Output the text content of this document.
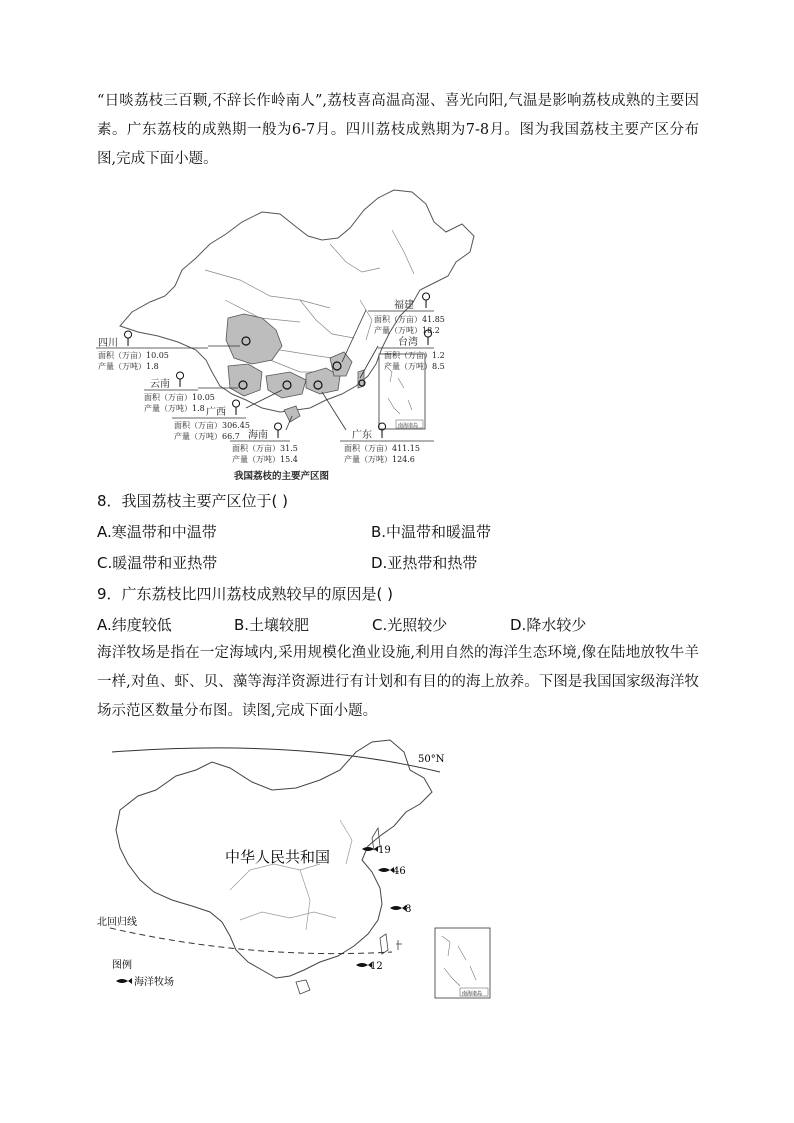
“日啖荔枝三百颗,不辞长作岭南人”,荔枝喜高温高湿、喜光向阳,气温是影响荔枝成熟的主要因素。广东荔枝的成熟期一般为6-7月。四川荔枝成熟期为7-8月。图为我国荔枝主要产区分布图,完成下面小题。
南海诸岛
福建
面积（万亩）41.85
产量（万吨）18.2
台湾
面积（万亩）1.2
产量（万吨）8.5
四川
面积（万亩）10.05
产量（万吨）1.8
云南
面积（万亩）10.05
产量（万吨）1.8 广西
面积（万亩）306.45
产量（万吨）66.7 海南
面积（万亩）31.5
产量（万吨）15.4
广东
面积（万亩）411.15
产量（万吨）124.6
我国荔枝的主要产区图
8．我国荔枝主要产区位于( )
A.寒温带和中温带	B.中温带和暖温带
C.暖温带和亚热带	D.亚热带和热带
9．广东荔枝比四川荔枝成熟较早的原因是( )
A.纬度较低	B.土壤较肥	C.光照较少	D.降水较少
海洋牧场是指在一定海域内,采用规模化渔业设施,利用自然的海洋生态环境,像在陆地放牧牛羊一样,对鱼、虾、贝、藻等海洋资源进行有计划和有目的的海上放养。下图是我国国家级海洋牧场示范区数量分布图。读图,完成下面小题。
50°N
北回归线
中华人民共和国	19
46
8
12
图例
海洋牧场
南海诸岛
